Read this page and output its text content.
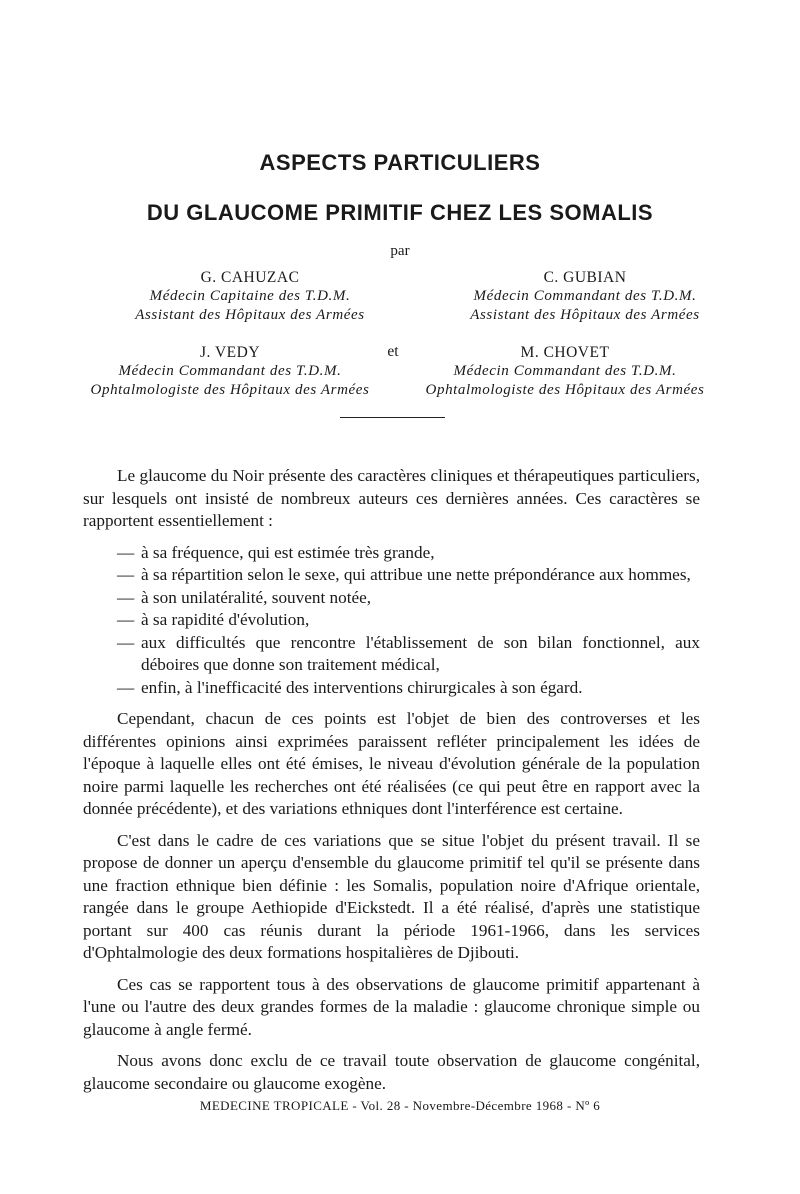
ASPECTS PARTICULIERS
DU GLAUCOME PRIMITIF CHEZ LES SOMALIS
par
G. CAHUZAC
Médecin Capitaine des T.D.M.
Assistant des Hôpitaux des Armées
C. GUBIAN
Médecin Commandant des T.D.M.
Assistant des Hôpitaux des Armées
et
J. VEDY
Médecin Commandant des T.D.M.
Ophtalmologiste des Hôpitaux des Armées
M. CHOVET
Médecin Commandant des T.D.M.
Ophtalmologiste des Hôpitaux des Armées

Le glaucome du Noir présente des caractères cliniques et thérapeutiques particuliers, sur lesquels ont insisté de nombreux auteurs ces dernières années. Ces caractères se rapportent essentiellement :

— à sa fréquence, qui est estimée très grande,
— à sa répartition selon le sexe, qui attribue une nette prépondérance aux hommes,
— à son unilatéralité, souvent notée,
— à sa rapidité d'évolution,
— aux difficultés que rencontre l'établissement de son bilan fonctionnel, aux déboires que donne son traitement médical,
— enfin, à l'inefficacité des interventions chirurgicales à son égard.

Cependant, chacun de ces points est l'objet de bien des controverses et les différentes opinions ainsi exprimées paraissent refléter principalement les idées de l'époque à laquelle elles ont été émises, le niveau d'évolution générale de la population noire parmi laquelle les recherches ont été réalisées (ce qui peut être en rapport avec la donnée précédente), et des variations ethniques dont l'interférence est certaine.

C'est dans le cadre de ces variations que se situe l'objet du présent travail. Il se propose de donner un aperçu d'ensemble du glaucome primitif tel qu'il se présente dans une fraction ethnique bien définie : les Somalis, population noire d'Afrique orientale, rangée dans le groupe Aethiopide d'Eickstedt. Il a été réalisé, d'après une statistique portant sur 400 cas réunis durant la période 1961-1966, dans les services d'Ophtalmologie des deux formations hospitalières de Djibouti.

Ces cas se rapportent tous à des observations de glaucome primitif appartenant à l'une ou l'autre des deux grandes formes de la maladie : glaucome chronique simple ou glaucome à angle fermé.

Nous avons donc exclu de ce travail toute observation de glaucome congénital, glaucome secondaire ou glaucome exogène.

MEDECINE TROPICALE - Vol. 28 - Novembre-Décembre 1968 - Nº 6
